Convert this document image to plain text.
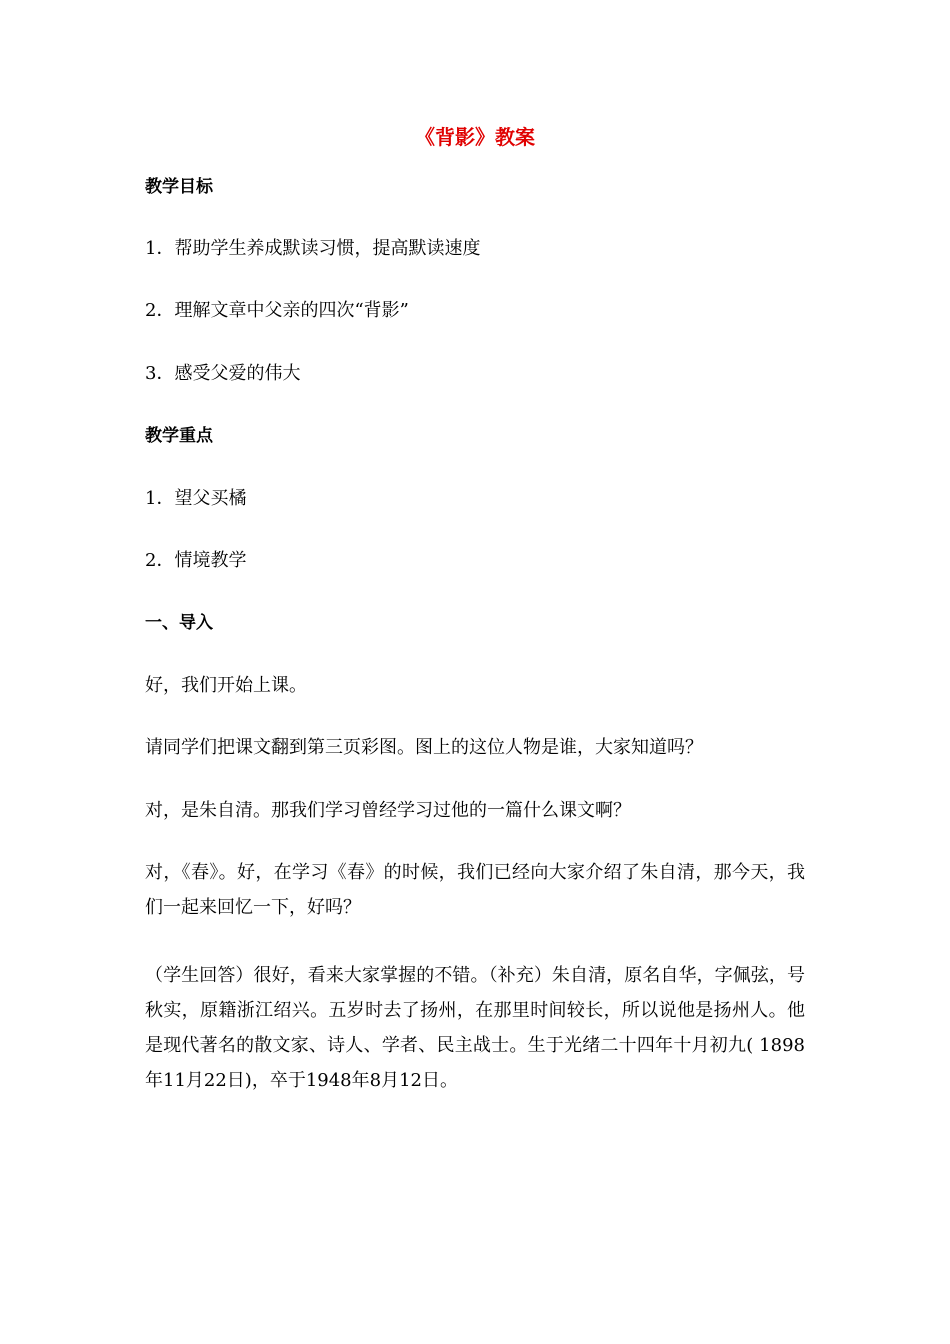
《背影》教案
教学目标
1．帮助学生养成默读习惯，提高默读速度
2．理解文章中父亲的四次“背影”
3．感受父爱的伟大
教学重点
1．望父买橘
2．情境教学
一、导入
好，我们开始上课。
请同学们把课文翻到第三页彩图。图上的这位人物是谁，大家知道吗？
对，是朱自清。那我们学习曾经学习过他的一篇什么课文啊？
对，《春》。好，在学习《春》的时候，我们已经向大家介绍了朱自清，那今天，我们一起来回忆一下，好吗？
（学生回答）很好，看来大家掌握的不错。（补充）朱自清，原名自华，字佩弦，号秋实，原籍浙江绍兴。五岁时去了扬州，在那里时间较长，所以说他是扬州人。他是现代著名的散文家、诗人、学者、民主战士。生于光绪二十四年十月初九( 1898年11月22日)，卒于1948年8月12日。
